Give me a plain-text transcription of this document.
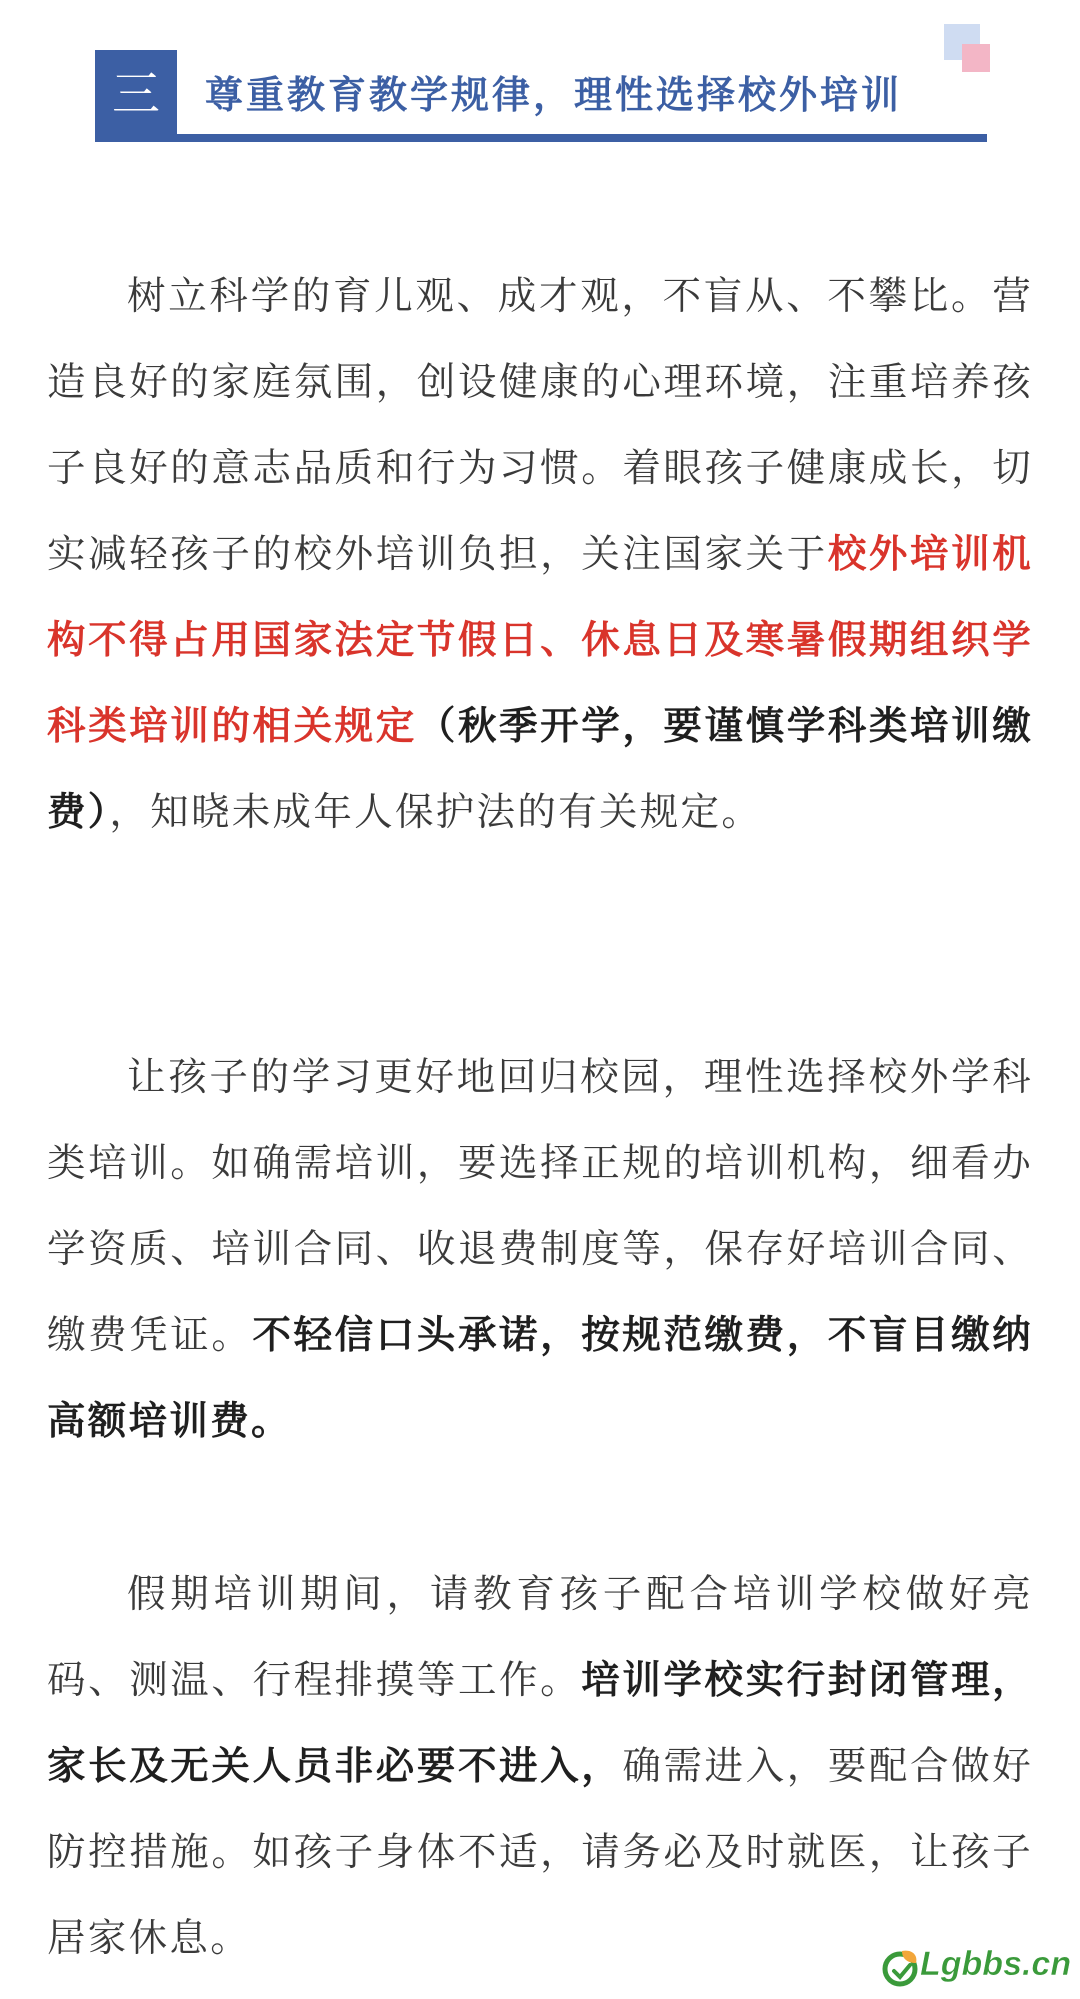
三	尊重教育教学规律，理性选择校外培训

树立科学的育儿观、成才观，不盲从、不攀比。营造良好的家庭氛围，创设健康的心理环境，注重培养孩子良好的意志品质和行为习惯。着眼孩子健康成长，切实减轻孩子的校外培训负担，关注国家关于校外培训机构不得占用国家法定节假日、休息日及寒暑假期组织学科类培训的相关规定（秋季开学，要谨慎学科类培训缴费），知晓未成年人保护法的有关规定。

让孩子的学习更好地回归校园，理性选择校外学科类培训。如确需培训，要选择正规的培训机构，细看办学资质、培训合同、收退费制度等，保存好培训合同、缴费凭证。不轻信口头承诺，按规范缴费，不盲目缴纳高额培训费。

假期培训期间，请教育孩子配合培训学校做好亮码、测温、行程排摸等工作。培训学校实行封闭管理，家长及无关人员非必要不进入，确需进入，要配合做好防控措施。如孩子身体不适，请务必及时就医，让孩子居家休息。

Lgbbs.cn
